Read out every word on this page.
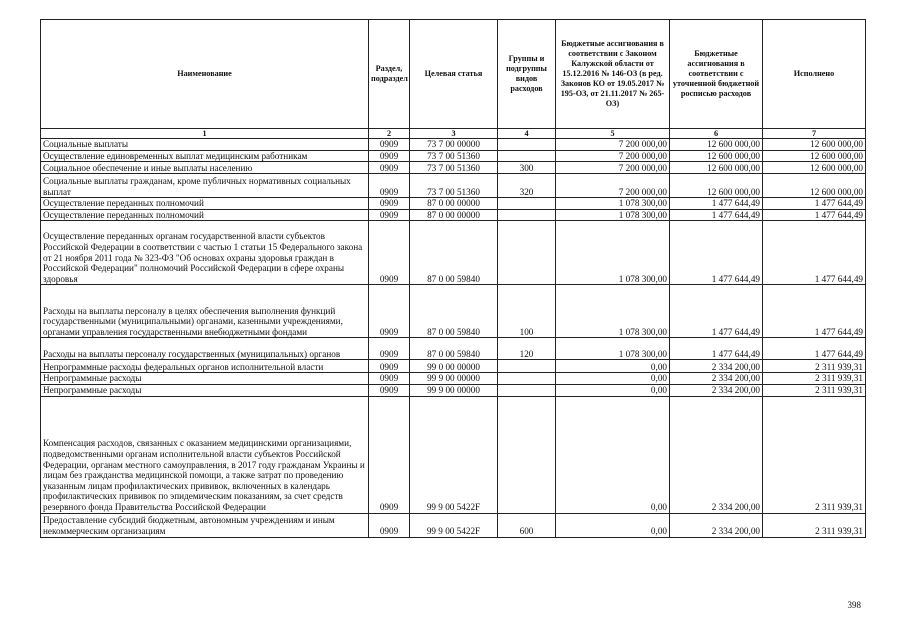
Наименование	Раздел, подраздел	Целевая статья	Группы и подгруппы видов расходов	Бюджетные ассигнования в соответствии с Законом Калужской области от 15.12.2016 № 146-ОЗ (в ред. Законов КО от 19.05.2017 № 195-ОЗ, от 21.11.2017 № 265-ОЗ)	Бюджетные ассигнования в соответствии с уточненной бюджетной росписью расходов	Исполнено
1	2	3	4	5	6	7
Социальные выплаты	0909	73 7 00 00000		7 200 000,00	12 600 000,00	12 600 000,00
Осуществление единовременных выплат медицинским работникам	0909	73 7 00 51360		7 200 000,00	12 600 000,00	12 600 000,00
Социальное обеспечение и иные выплаты населению	0909	73 7 00 51360	300	7 200 000,00	12 600 000,00	12 600 000,00
Социальные выплаты гражданам, кроме публичных нормативных социальных выплат	0909	73 7 00 51360	320	7 200 000,00	12 600 000,00	12 600 000,00
Осуществление переданных полномочий	0909	87 0 00 00000		1 078 300,00	1 477 644,49	1 477 644,49
Осуществление переданных полномочий	0909	87 0 00 00000		1 078 300,00	1 477 644,49	1 477 644,49
Осуществление переданных органам государственной власти субъектов Российской Федерации в соответствии с частью 1 статьи 15 Федерального закона от 21 ноября 2011 года № 323-ФЗ "Об основах охраны здоровья граждан в Российской Федерации" полномочий Российской Федерации в сфере охраны здоровья	0909	87 0 00 59840		1 078 300,00	1 477 644,49	1 477 644,49
Расходы на выплаты персоналу в целях обеспечения выполнения функций государственными (муниципальными) органами, казенными учреждениями, органами управления государственными внебюджетными фондами	0909	87 0 00 59840	100	1 078 300,00	1 477 644,49	1 477 644,49
Расходы на выплаты персоналу государственных (муниципальных) органов	0909	87 0 00 59840	120	1 078 300,00	1 477 644,49	1 477 644,49
Непрограммные расходы федеральных органов исполнительной власти	0909	99 0 00 00000		0,00	2 334 200,00	2 311 939,31
Непрограммные расходы	0909	99 9 00 00000		0,00	2 334 200,00	2 311 939,31
Непрограммные расходы	0909	99 9 00 00000		0,00	2 334 200,00	2 311 939,31
Компенсация расходов, связанных с оказанием медицинскими организациями, подведомственными органам исполнительной власти субъектов Российской Федерации, органам местного самоуправления, в 2017 году гражданам Украины и лицам без гражданства медицинской помощи, а также затрат по проведению указанным лицам профилактических прививок, включенных в календарь профилактических прививок по эпидемическим показаниям, за счет средств резервного фонда Правительства Российской Федерации	0909	99 9 00 5422F		0,00	2 334 200,00	2 311 939,31
Предоставление субсидий бюджетным, автономным учреждениям и иным некоммерческим организациям	0909	99 9 00 5422F	600	0,00	2 334 200,00	2 311 939,31
398
